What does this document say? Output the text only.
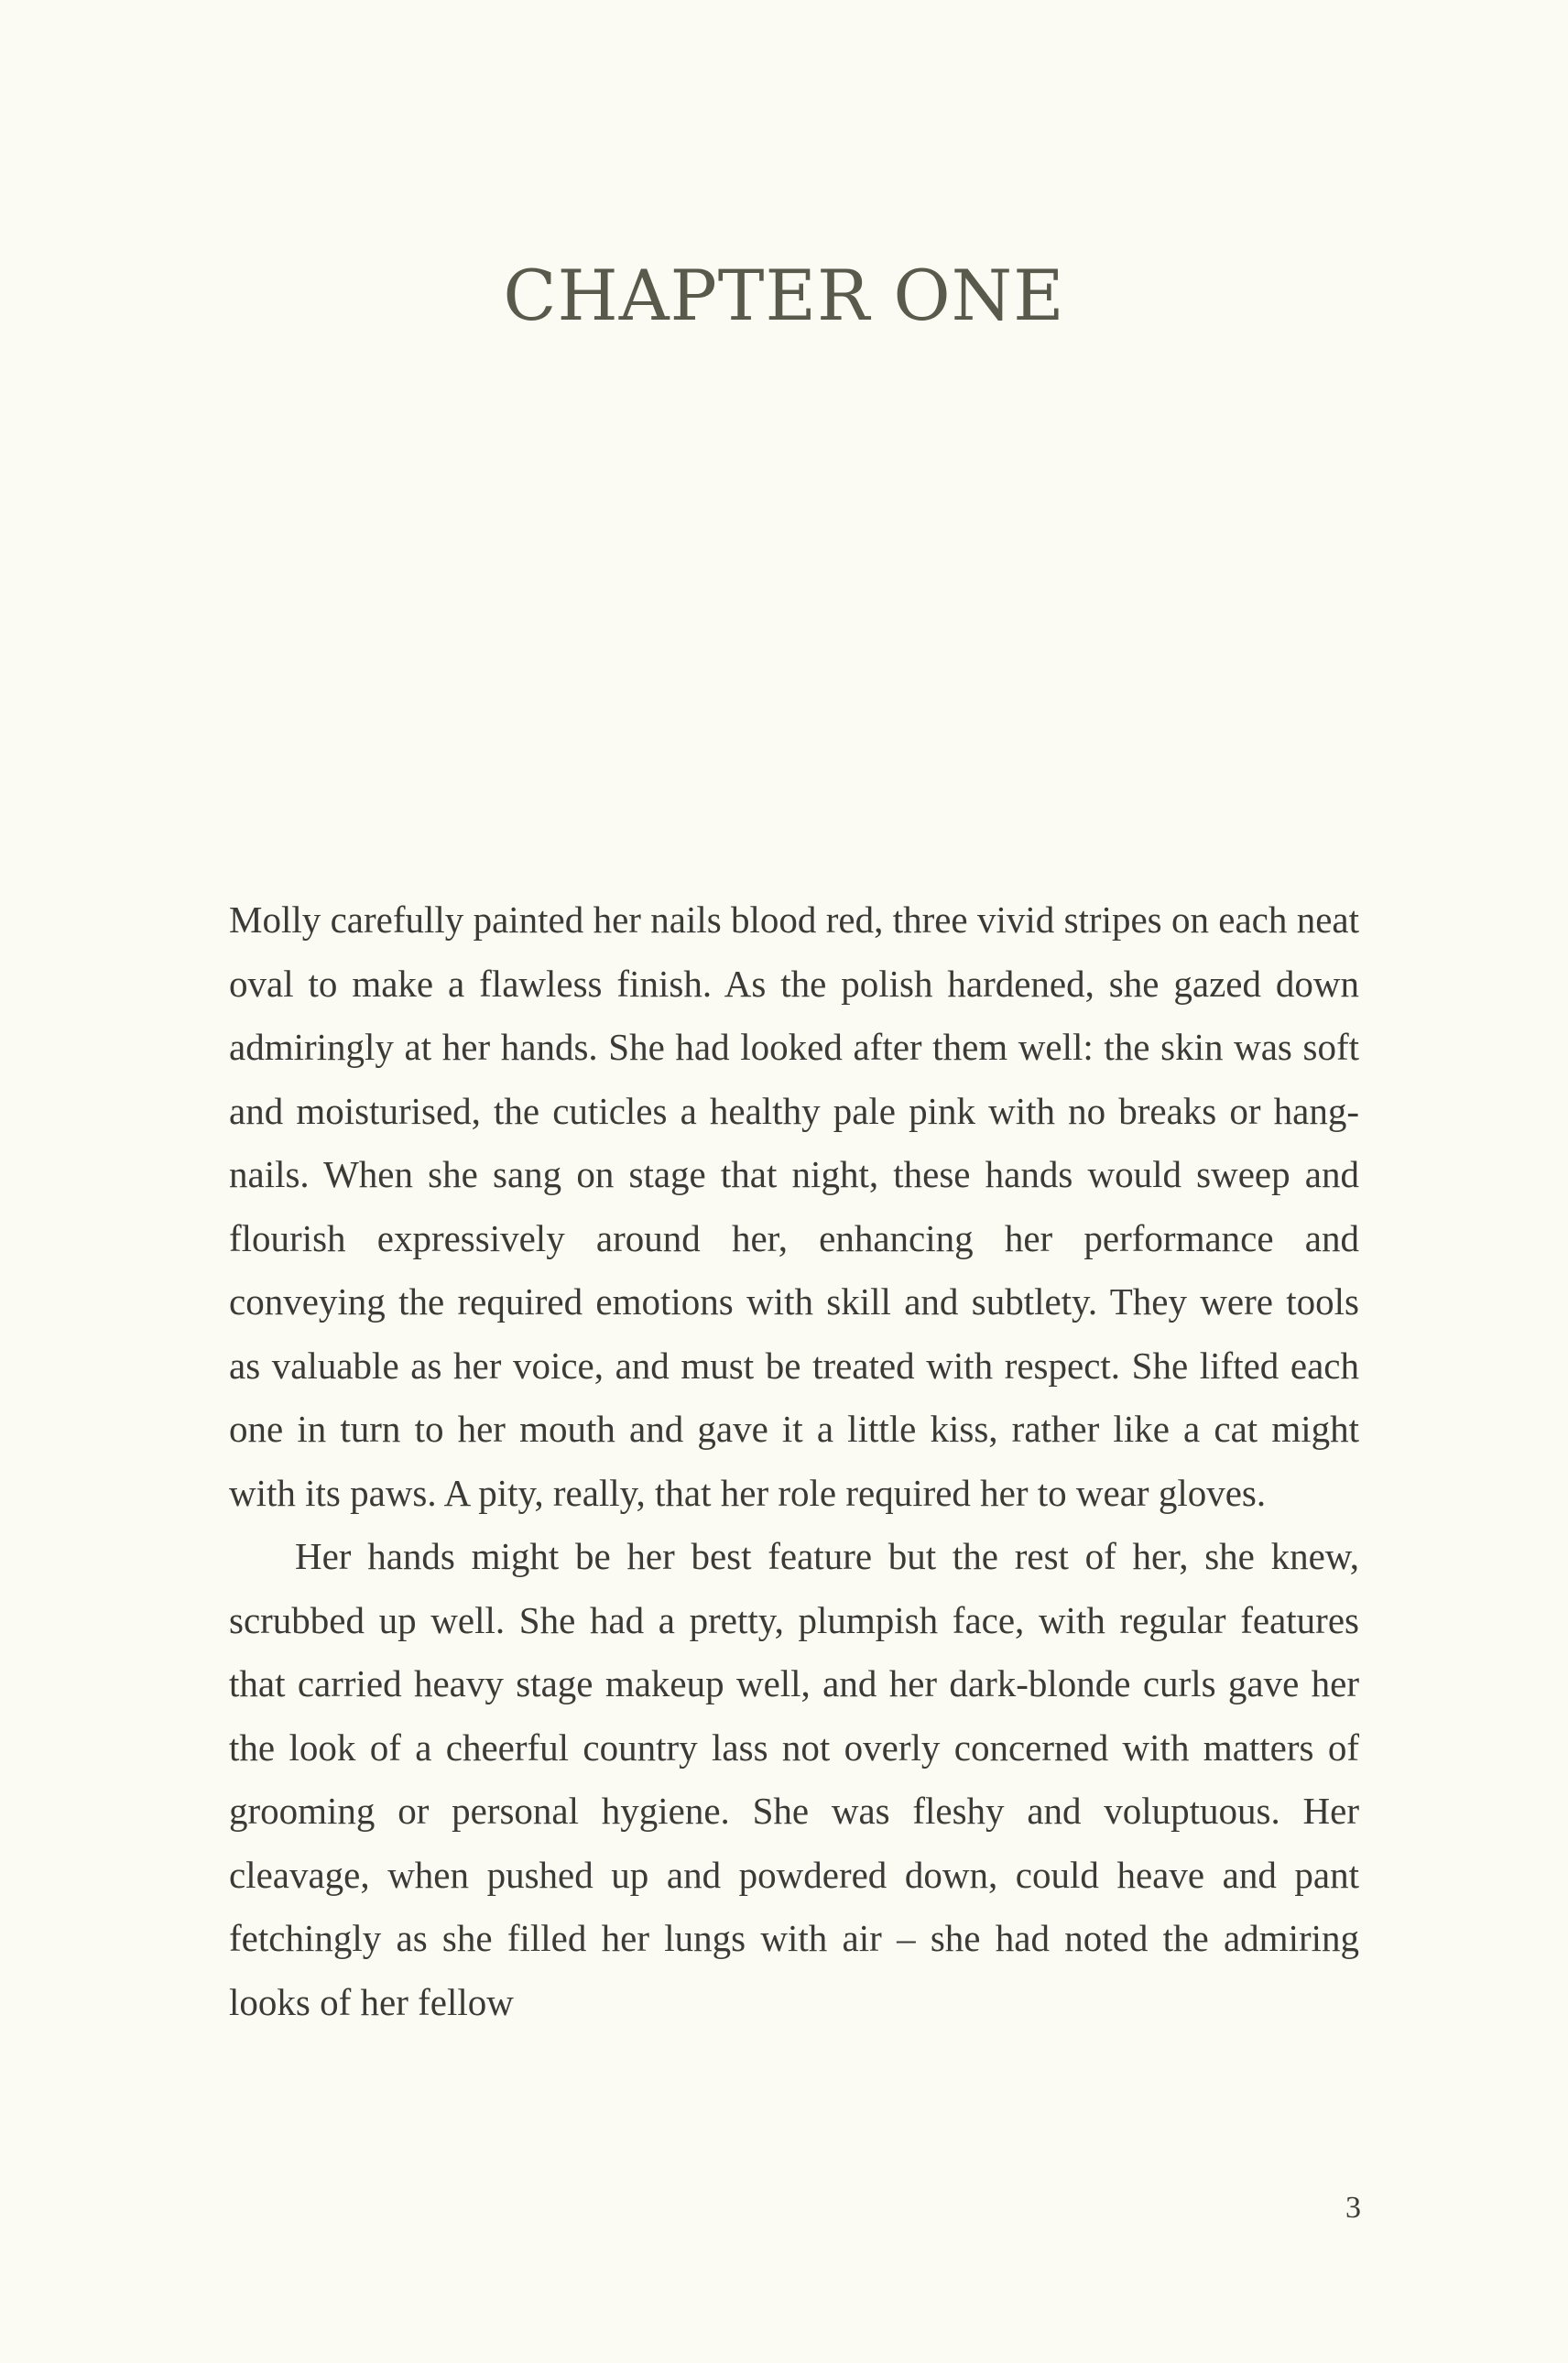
CHAPTER ONE

Molly carefully painted her nails blood red, three vivid stripes on each neat oval to make a flawless finish. As the polish hardened, she gazed down admiringly at her hands. She had looked after them well: the skin was soft and moisturised, the cuticles a healthy pale pink with no breaks or hang-nails. When she sang on stage that night, these hands would sweep and flourish expressively around her, enhancing her performance and conveying the required emotions with skill and subtlety. They were tools as valuable as her voice, and must be treated with respect. She lifted each one in turn to her mouth and gave it a little kiss, rather like a cat might with its paws. A pity, really, that her role required her to wear gloves.

Her hands might be her best feature but the rest of her, she knew, scrubbed up well. She had a pretty, plumpish face, with regular features that carried heavy stage makeup well, and her dark-blonde curls gave her the look of a cheerful country lass not overly concerned with matters of grooming or personal hygiene. She was fleshy and voluptuous. Her cleavage, when pushed up and powdered down, could heave and pant fetchingly as she filled her lungs with air – she had noted the admiring looks of her fellow

3
